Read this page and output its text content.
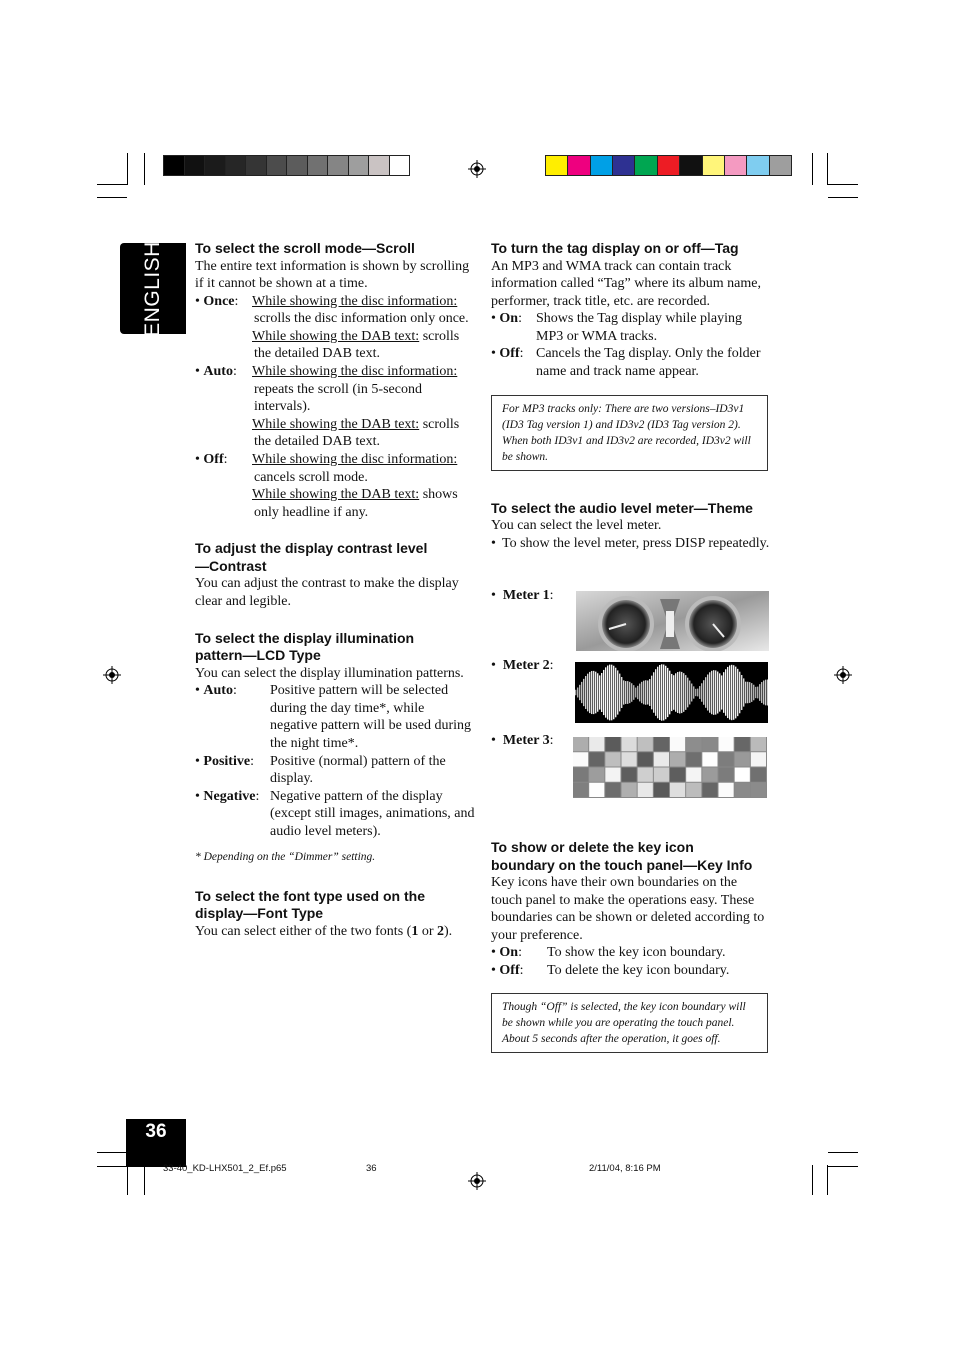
ENGLISH To select the scroll mode—Scroll
The entire text information is shown by scrolling if it cannot be shown at a time.
• Once: While showing the disc information:
scrolls the disc information only once.
While showing the DAB text: scrolls
the detailed DAB text.
• Auto: While showing the disc information:
repeats the scroll (in 5-second intervals).
While showing the DAB text: scrolls
the detailed DAB text.
• Off: While showing the disc information:
cancels scroll mode.
While showing the DAB text: shows
only headline if any.
To adjust the display contrast level
—Contrast
You can adjust the contrast to make the display clear and legible.
To select the display illumination
pattern—LCD Type
You can select the display illumination patterns.
• Auto: Positive pattern will be selected during the day time*, while negative pattern will be used during the night time*.
• Positive: Positive (normal) pattern of the display.
• Negative: Negative pattern of the display (except still images, animations, and audio level meters).
* Depending on the “Dimmer” setting.
To select the font type used on the
display—Font Type
You can select either of the two fonts (1 or 2).
To turn the tag display on or off—Tag
An MP3 and WMA track can contain track information called “Tag” where its album name, performer, track title, etc. are recorded.
• On: Shows the Tag display while playing MP3 or WMA tracks.
• Off: Cancels the Tag display. Only the folder name and track name appear.
For MP3 tracks only: There are two versions–ID3v1 (ID3 Tag version 1) and ID3v2 (ID3 Tag version 2). When both ID3v1 and ID3v2 are recorded, ID3v2 will be shown.
To select the audio level meter—Theme
You can select the level meter.
• To show the level meter, press DISP repeatedly.
•  Meter 1:
•  Meter 2:
•  Meter 3:
To show or delete the key icon
boundary on the touch panel—Key Info
Key icons have their own boundaries on the touch panel to make the operations easy. These boundaries can be shown or deleted according to your preference.
• On: To show the key icon boundary.
• Off: To delete the key icon boundary.
Though “Off” is selected, the key icon boundary will be shown while you are operating the touch panel. About 5 seconds after the operation, it goes off.
36
33-40_KD-LHX501_2_Ef.p65	36	2/11/04, 8:16 PM
